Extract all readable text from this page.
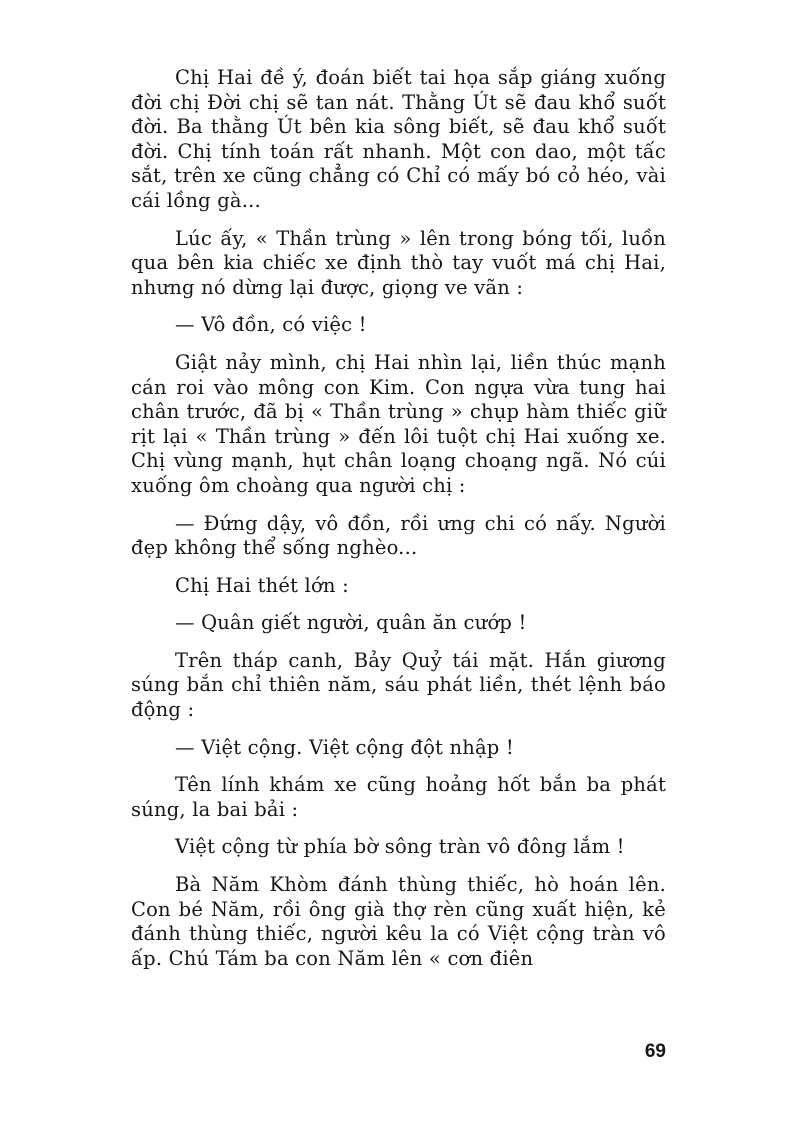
Chị Hai đề ý, đoán biết tai họa sắp giáng xuống đời chị Đời chị sẽ tan nát. Thằng Út sẽ đau khổ suốt đời. Ba thằng Út bên kia sông biết, sẽ đau khổ suốt đời. Chị tính toán rất nhanh. Một con dao, một tấc sắt, trên xe cũng chẳng có Chỉ có mấy bó cỏ héo, vài cái lồng gà...

Lúc ấy, « Thần trùng » lên trong bóng tối, luồn qua bên kia chiếc xe định thò tay vuốt má chị Hai, nhưng nó dừng lại được, giọng ve vãn :

— Vô đồn, có việc !

Giật nảy mình, chị Hai nhìn lại, liền thúc mạnh cán roi vào mông con Kim. Con ngựa vừa tung hai chân trước, đã bị « Thần trùng » chụp hàm thiếc giữ rịt lại « Thần trùng » đến lôi tuột chị Hai xuống xe. Chị vùng mạnh, hụt chân loạng choạng ngã. Nó cúi xuống ôm choàng qua người chị :

— Đứng dậy, vô đồn, rồi ưng chi có nấy. Người đẹp không thể sống nghèo...

Chị Hai thét lớn :

— Quân giết người, quân ăn cướp !

Trên tháp canh, Bảy Quỷ tái mặt. Hắn giương súng bắn chỉ thiên năm, sáu phát liền, thét lệnh báo động :

— Việt cộng. Việt cộng đột nhập !

Tên lính khám xe cũng hoảng hốt bắn ba phát súng, la bai bải :

Việt cộng từ phía bờ sông tràn vô đông lắm !

Bà Năm Khòm đánh thùng thiếc, hò hoán lên. Con bé Năm, rồi ông già thợ rèn cũng xuất hiện, kẻ đánh thùng thiếc, người kêu la có Việt cộng tràn vô ấp. Chú Tám ba con Năm lên « cơn điên

69
